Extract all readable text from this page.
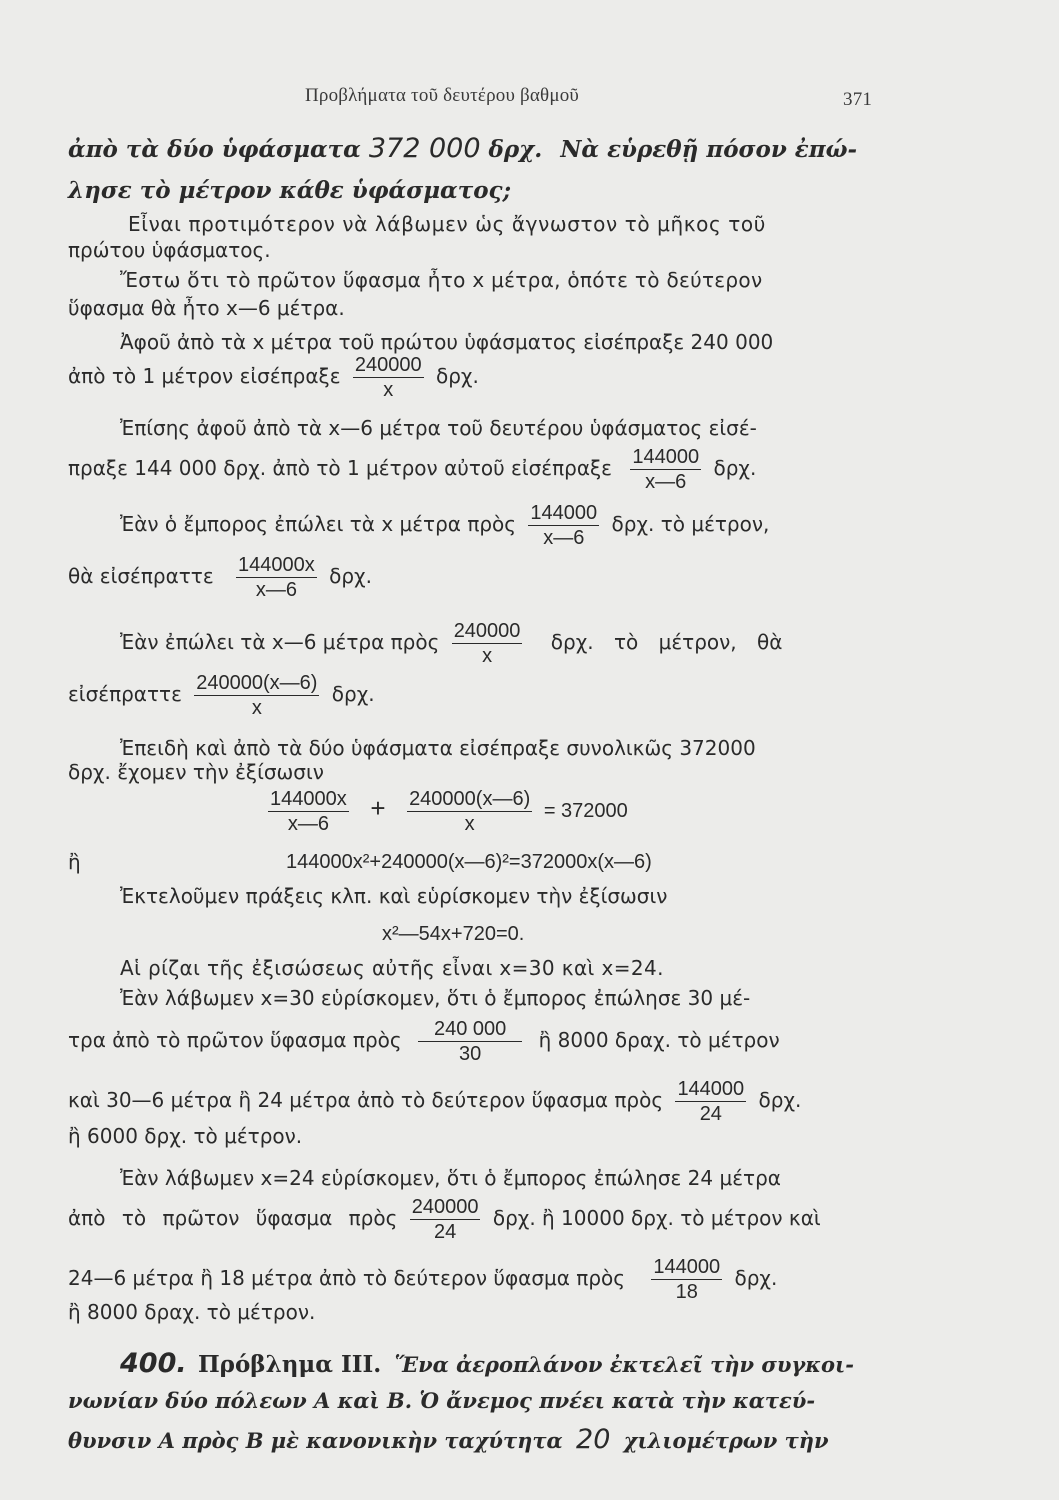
Προβλήματα τοῦ δευτέρου βαθμοῦ	371
ἀπὸ τὰ δύο ὑφάσματα 372 000 δρχ. Νὰ εὑρεθῇ πόσον ἐπώ-
λησε τὸ μέτρον κάθε ὑφάσματος;
Εἶναι προτιμότερον νὰ λάβωμεν ὡς ἄγνωστον τὸ μῆκος τοῦ
πρώτου ὑφάσματος.
Ἔστω ὅτι τὸ πρῶτον ὕφασμα ἦτο x μέτρα, ὁπότε τὸ δεύτερον
ὕφασμα θὰ ἦτο x—6 μέτρα.
Ἀφοῦ ἀπὸ τὰ x μέτρα τοῦ πρώτου ὑφάσματος εἰσέπραξε 240 000
ἀπὸ τὸ 1 μέτρον εἰσέπραξε $\frac{240000}{x} \delta\rho\chi$.
Ἐπίσης ἀφοῦ ἀπὸ τὰ x—6 μέτρα τοῦ δευτέρου ὑφάσματος εἰσέ-
πραξε 144 000 δρχ. ἀπὸ τὸ 1 μέτρον αὐτοῦ εἰσέπραξε $\frac{144000}{x—6} \delta\rho\chi$.
Ἐὰν ὁ ἔμπορος ἐπώλει τὰ x μέτρα πρὸς $\frac{144000}{x—6} \delta\rho\chi$. τὸ μέτρον,
θὰ εἰσέπραττε $\frac{144000x}{x—6} \delta\rho\chi$.
Ἐὰν ἐπώλει τὰ x—6 μέτρα πρὸς $\frac{240000}{x} \delta\rho\chi$. τὸ μέτρον, θὰ
εἰσέπραττε $\frac{240000(x—6)}{x} \delta\rho\chi$.
Ἐπειδὴ καὶ ἀπὸ τὰ δύο ὑφάσματα εἰσέπραξε συνολικῶς 372000
δρχ. ἔχομεν τὴν ἐξίσωσιν
$\frac{144000x}{x—6} + \frac{240000(x—6)}{x} = 372000$
ἢ	144000x²+240000(x—6)²=372000x(x—6)
Ἐκτελοῦμεν πράξεις κλπ. καὶ εὑρίσκομεν τὴν ἐξίσωσιν
x²—54x+720=0.
Αἱ ρίζαι τῆς ἐξισώσεως αὐτῆς εἶναι x=30 καὶ x=24.
Ἐὰν λάβωμεν x=30 εὑρίσκομεν, ὅτι ὁ ἔμπορος ἐπώλησε 30 μέ-
τρα ἀπὸ τὸ πρῶτον ὕφασμα πρὸς $\frac{240 000}{30}$ ἢ 8000 δραχ. τὸ μέτρον
καὶ 30—6 μέτρα ἢ 24 μέτρα ἀπὸ τὸ δεύτερον ὕφασμα πρὸς $\frac{144000}{24} \delta\rho\chi$.
ἢ 6000 δρχ. τὸ μέτρον.
Ἐὰν λάβωμεν x=24 εὑρίσκομεν, ὅτι ὁ ἔμπορος ἐπώλησε 24 μέτρα
ἀπὸ τὸ πρῶτον ὕφασμα πρὸς $\frac{240000}{24} \delta\rho\chi$. ἢ 10000 δρχ. τὸ μέτρον καὶ
24—6 μέτρα ἢ 18 μέτρα ἀπὸ τὸ δεύτερον ὕφασμα πρὸς $\frac{144000}{18} \delta\rho\chi$.
ἢ 8000 δραχ. τὸ μέτρον.
400. Πρόβλημα III. Ἕνα ἀεροπλάνον ἐκτελεῖ τὴν συγκοι-
νωνίαν δύο πόλεων Α καὶ Β. Ὁ ἄνεμος πνέει κατὰ τὴν κατεύ-
θυνσιν Α πρὸς Β μὲ κανονικὴν ταχύτητα 20 χιλιομέτρων τὴν
